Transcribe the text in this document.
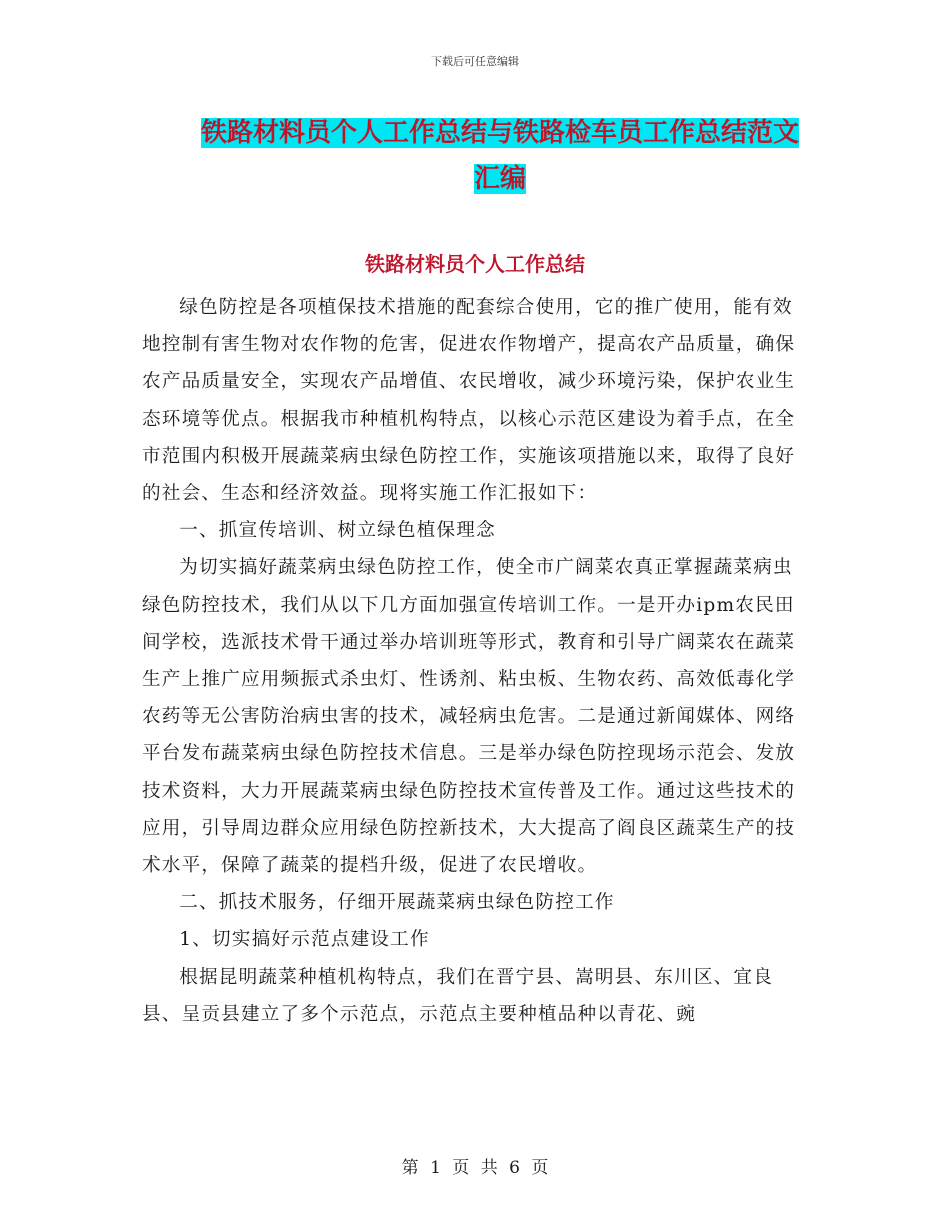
下载后可任意编辑
铁路材料员个人工作总结与铁路检车员工作总结范文
汇编
铁路材料员个人工作总结

绿色防控是各项植保技术措施的配套综合使用，它的推广使用，能有效地控制有害生物对农作物的危害，促进农作物增产，提高农产品质量，确保农产品质量安全，实现农产品增值、农民增收，减少环境污染，保护农业生态环境等优点。根据我市种植机构特点，以核心示范区建设为着手点，在全市范围内积极开展蔬菜病虫绿色防控工作，实施该项措施以来，取得了良好的社会、生态和经济效益。现将实施工作汇报如下：

一、抓宣传培训、树立绿色植保理念

为切实搞好蔬菜病虫绿色防控工作，使全市广阔菜农真正掌握蔬菜病虫绿色防控技术，我们从以下几方面加强宣传培训工作。一是开办ipm农民田间学校，选派技术骨干通过举办培训班等形式，教育和引导广阔菜农在蔬菜生产上推广应用频振式杀虫灯、性诱剂、粘虫板、生物农药、高效低毒化学农药等无公害防治病虫害的技术，减轻病虫危害。二是通过新闻媒体、网络平台发布蔬菜病虫绿色防控技术信息。三是举办绿色防控现场示范会、发放技术资料，大力开展蔬菜病虫绿色防控技术宣传普及工作。通过这些技术的应用，引导周边群众应用绿色防控新技术，大大提高了阎良区蔬菜生产的技术水平，保障了蔬菜的提档升级，促进了农民增收。

二、抓技术服务，仔细开展蔬菜病虫绿色防控工作

1、切实搞好示范点建设工作

根据昆明蔬菜种植机构特点，我们在晋宁县、嵩明县、东川区、宜良县、呈贡县建立了多个示范点，示范点主要种植品种以青花、豌

第 1 页 共 6 页
